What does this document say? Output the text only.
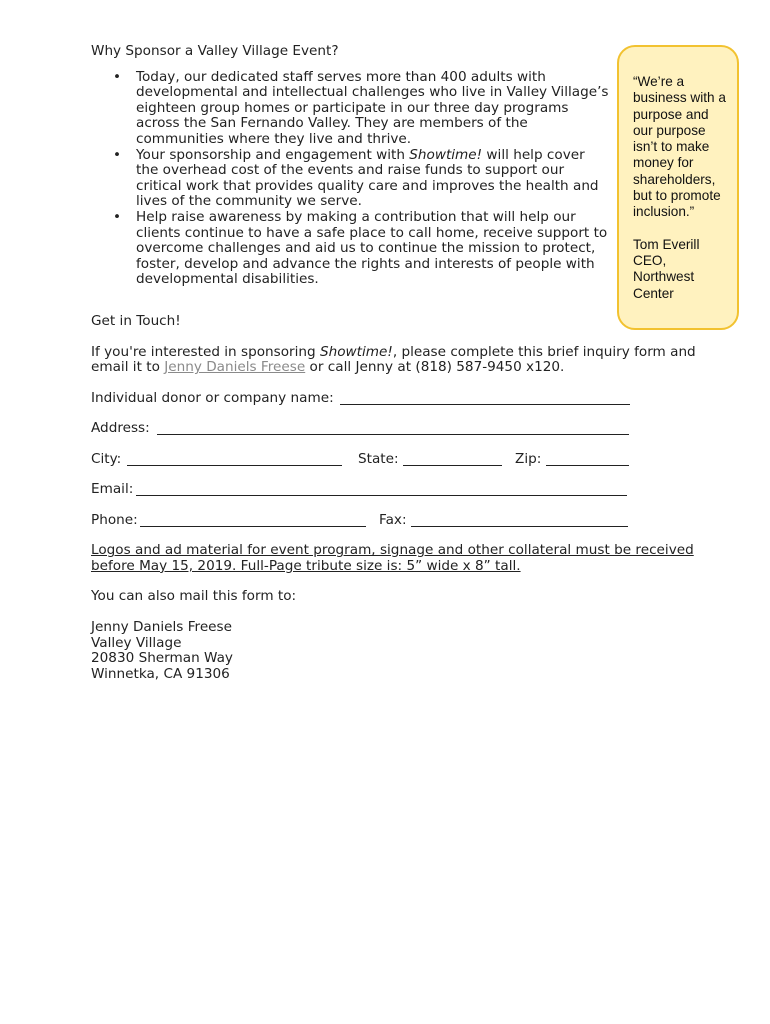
Why Sponsor a Valley Village Event?

• Today, our dedicated staff serves more than 400 adults with developmental and intellectual challenges who live in Valley Village’s eighteen group homes or participate in our three day programs across the San Fernando Valley. They are members of the communities where they live and thrive.
• Your sponsorship and engagement with Showtime! will help cover the overhead cost of the events and raise funds to support our critical work that provides quality care and improves the health and lives of the community we serve.
• Help raise awareness by making a contribution that will help our clients continue to have a safe place to call home, receive support to overcome challenges and aid us to continue the mission to protect, foster, develop and advance the rights and interests of people with developmental disabilities.

Get in Touch!

If you're interested in sponsoring Showtime!, please complete this brief inquiry form and email it to Jenny Daniels Freese or call Jenny at (818) 587-9450 x120.

Individual donor or company name:
Address:
City:	State:	Zip:
Email:
Phone:	Fax:

Logos and ad material for event program, signage and other collateral must be received before May 15, 2019. Full-Page tribute size is: 5” wide x 8” tall.

You can also mail this form to:

Jenny Daniels Freese

Valley Village

20830 Sherman Way

Winnetka, CA 91306

“We’re a business with a purpose and our purpose isn’t to make money for shareholders, but to promote inclusion.”

Tom Everill

CEO, Northwest Center
